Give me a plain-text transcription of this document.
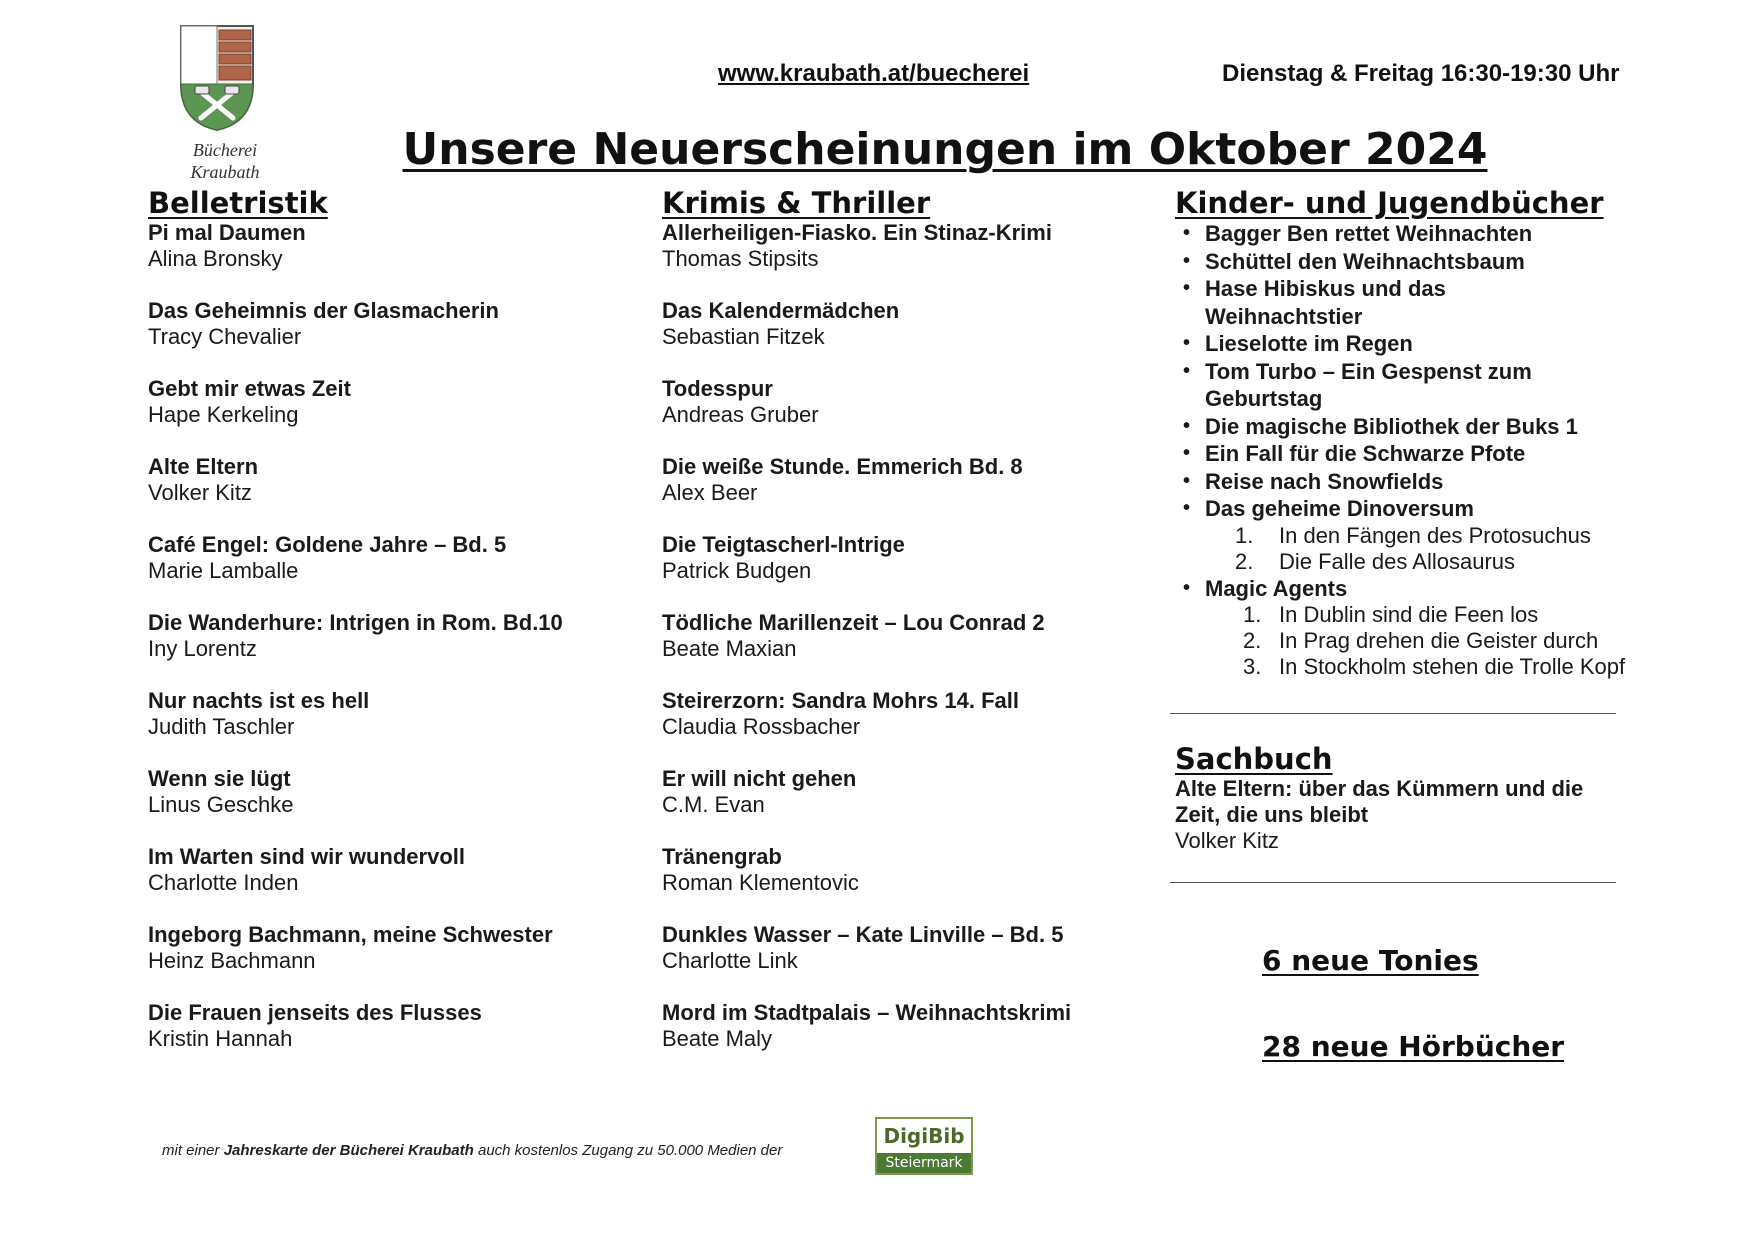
Bücherei
Kraubath
www.kraubath.at/buecherei	Dienstag & Freitag 16:30-19:30 Uhr
Unsere Neuerscheinungen im Oktober 2024
Belletristik
Pi mal Daumen
Alina Bronsky
Das Geheimnis der Glasmacherin
Tracy Chevalier
Gebt mir etwas Zeit
Hape Kerkeling
Alte Eltern
Volker Kitz
Café Engel: Goldene Jahre – Bd. 5
Marie Lamballe
Die Wanderhure: Intrigen in Rom. Bd.10
Iny Lorentz
Nur nachts ist es hell
Judith Taschler
Wenn sie lügt
Linus Geschke
Im Warten sind wir wundervoll
Charlotte Inden
Ingeborg Bachmann, meine Schwester
Heinz Bachmann
Die Frauen jenseits des Flusses
Kristin Hannah
Krimis & Thriller
Allerheiligen-Fiasko. Ein Stinaz-Krimi
Thomas Stipsits
Das Kalendermädchen
Sebastian Fitzek
Todesspur
Andreas Gruber
Die weiße Stunde. Emmerich Bd. 8
Alex Beer
Die Teigtascherl-Intrige
Patrick Budgen
Tödliche Marillenzeit – Lou Conrad 2
Beate Maxian
Steirerzorn: Sandra Mohrs 14. Fall
Claudia Rossbacher
Er will nicht gehen
C.M. Evan
Tränengrab
Roman Klementovic
Dunkles Wasser – Kate Linville – Bd. 5
Charlotte Link
Mord im Stadtpalais – Weihnachtskrimi
Beate Maly
Kinder- und Jugendbücher
• Bagger Ben rettet Weihnachten
• Schüttel den Weihnachtsbaum
• Hase Hibiskus und das
Weihnachtstier
• Lieselotte im Regen
• Tom Turbo – Ein Gespenst zum
Geburtstag
• Die magische Bibliothek der Buks 1
• Ein Fall für die Schwarze Pfote
• Reise nach Snowfields
• Das geheime Dinoversum
1. In den Fängen des Protosuchus
2. Die Falle des Allosaurus
• Magic Agents
1. In Dublin sind die Feen los
2. In Prag drehen die Geister durch
3. In Stockholm stehen die Trolle Kopf
Sachbuch
Alte Eltern: über das Kümmern und die Zeit, die uns bleibt
Volker Kitz
6 neue Tonies
28 neue Hörbücher
mit einer Jahreskarte der Bücherei Kraubath auch kostenlos Zugang zu 50.000 Medien der
DigiBib
Steiermark
